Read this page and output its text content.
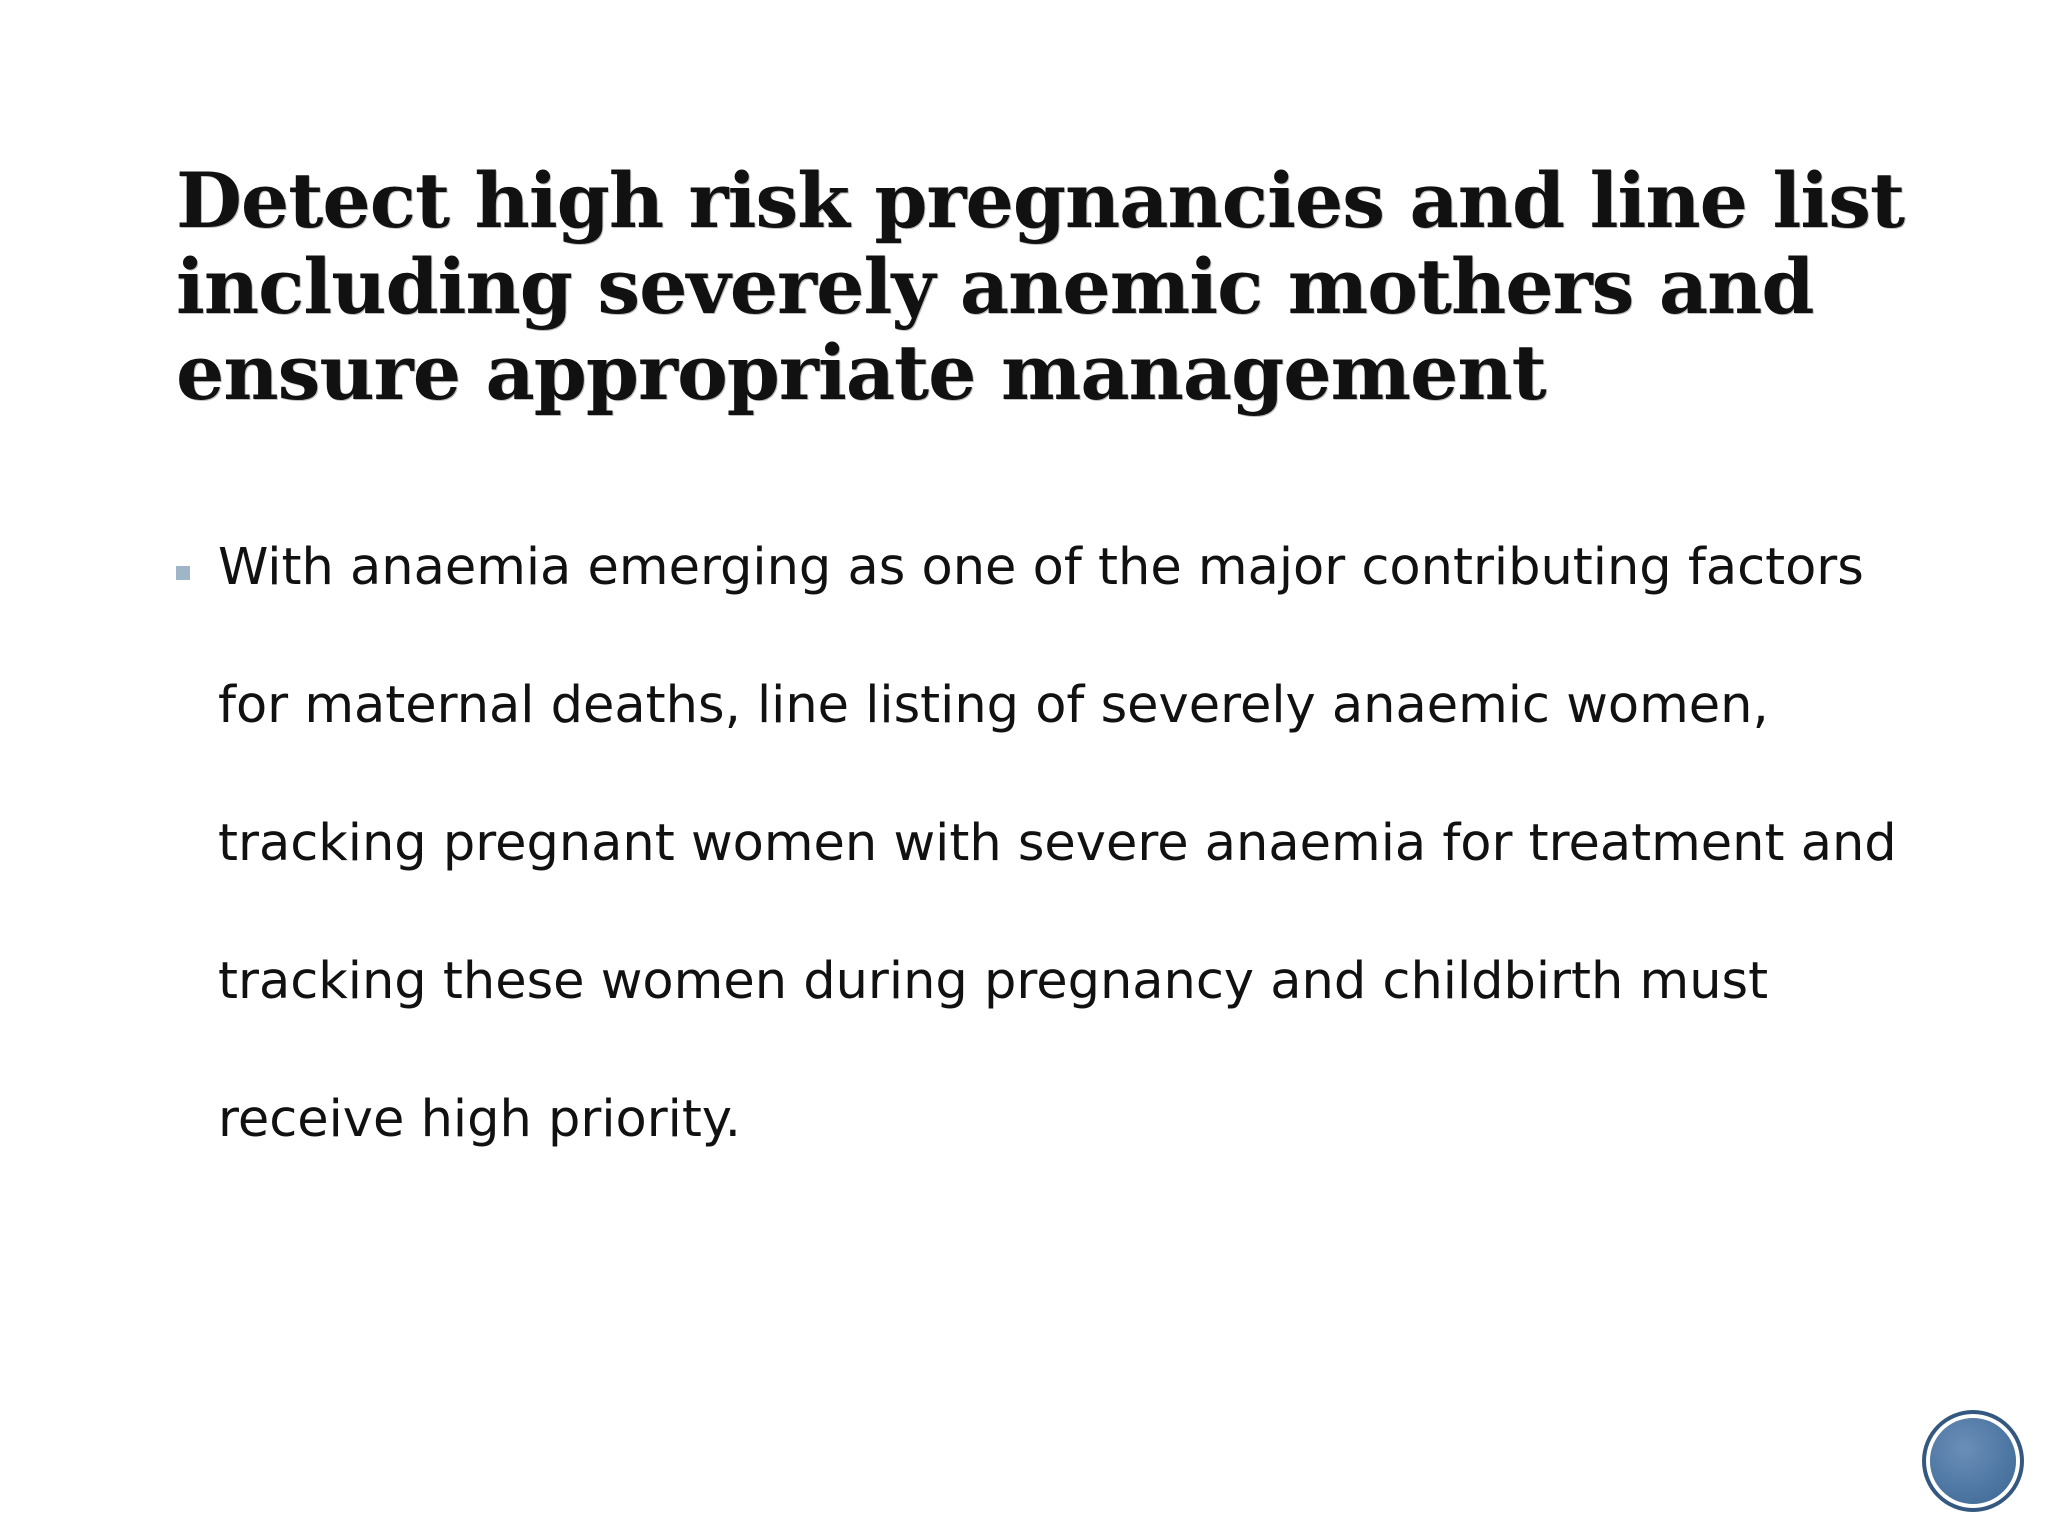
Detect high risk pregnancies and line list including severely anemic mothers and ensure appropriate management

With anaemia emerging as one of the major contributing factors for maternal deaths, line listing of severely anaemic women, tracking pregnant women with severe anaemia for treatment and tracking these women during pregnancy and childbirth must receive high priority.
